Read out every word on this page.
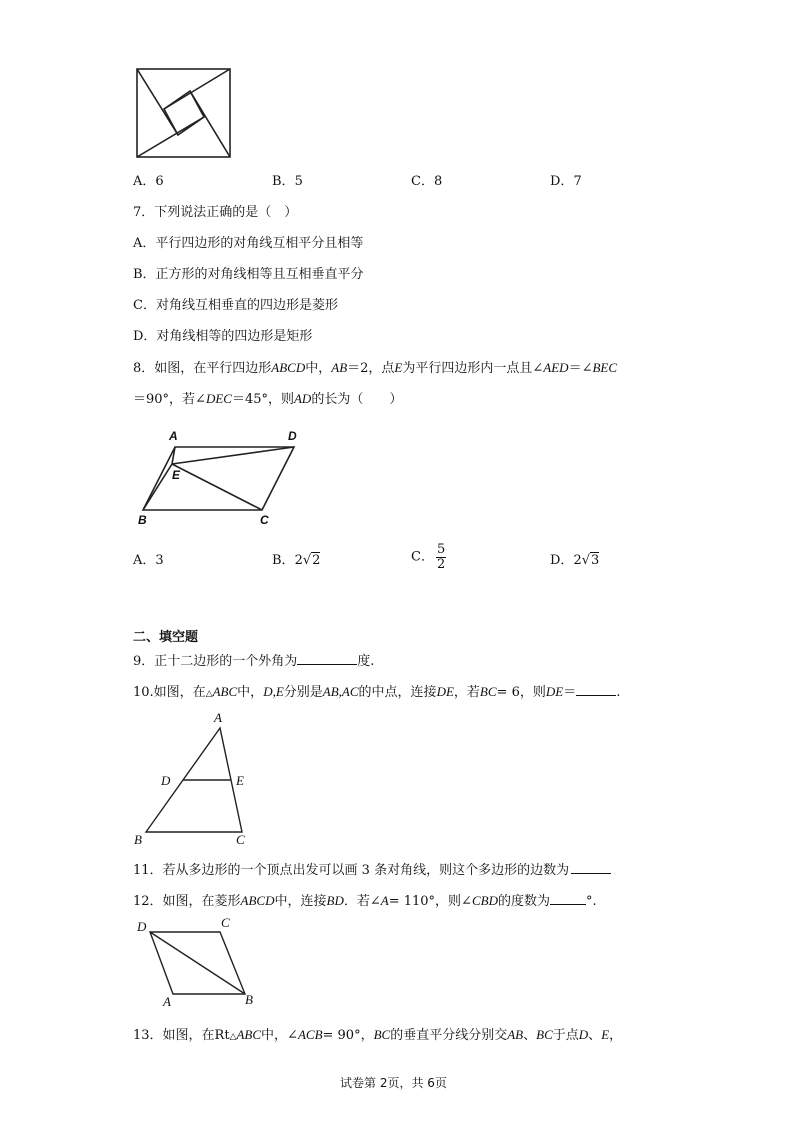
A．6	B．5	C．8	D．7
7．下列说法正确的是（　）
A．平行四边形的对角线互相平分且相等
B．正方形的对角线相等且互相垂直平分
C．对角线互相垂直的四边形是菱形
D．对角线相等的四边形是矩形
8．如图，在平行四边形ABCD中，AB＝2，点E为平行四边形内一点且∠AED＝∠BEC
＝90°，若∠DEC＝45°，则AD的长为（　　）
A	D
E
B	C
A．3	B．2√2	C． $\frac{5}{2}$	D．2√3
二、填空题
9．正十二边形的一个外角为	度.
10.如图，在△ABC中，D,E分别是AB,AC的中点，连接DE，若BC= 6，则DE＝	.
A
D	E
B	C
11．若从多边形的一个顶点出发可以画 3 条对角线，则这个多边形的边数为
12．如图，在菱形ABCD中，连接BD．若∠A= 110°，则∠CBD的度数为	°.
D	C
A	B
13．如图，在Rt△ABC中，∠ACB= 90°，BC的垂直平分线分别交AB、BC于点D、E，
试卷第 2页，共 6页
